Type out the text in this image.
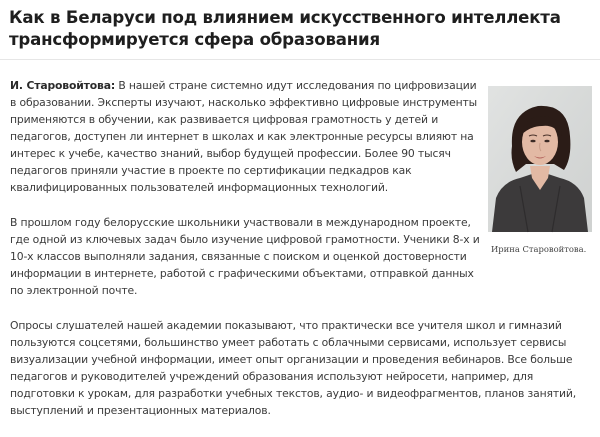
Как в Беларуси под влиянием искусственного интеллекта трансформируется сфера образования

И. Старовойтова: В нашей стране системно идут исследования по цифровизации в образовании. Эксперты изучают, насколько эффективно цифровые инструменты применяются в обучении, как развивается цифровая грамотность у детей и педагогов, доступен ли интернет в школах и как электронные ресурсы влияют на интерес к учебе, качество знаний, выбор будущей профессии. Более 90 тысяч педагогов приняли участие в проекте по сертификации педкадров как квалифицированных пользователей информационных технологий.

В прошлом году белорусские школьники участвовали в международном проекте, где одной из ключевых задач было изучение цифровой грамотности. Ученики 8-х и 10-х классов выполняли задания, связанные с поиском и оценкой достоверности информации в интернете, работой с графическими объектами, отправкой данных по электронной почте.

Опросы слушателей нашей академии показывают, что практически все учителя школ и гимназий пользуются соцсетями, большинство умеет работать с облачными сервисами, использует сервисы визуализации учебной информации, имеет опыт организации и проведения вебинаров. Все больше педагогов и руководителей учреждений образования используют нейросети, например, для подготовки к урокам, для разработки учебных текстов, аудио- и видеофрагментов, планов занятий, выступлений и презентационных материалов.

Ирина Старовойтова.
